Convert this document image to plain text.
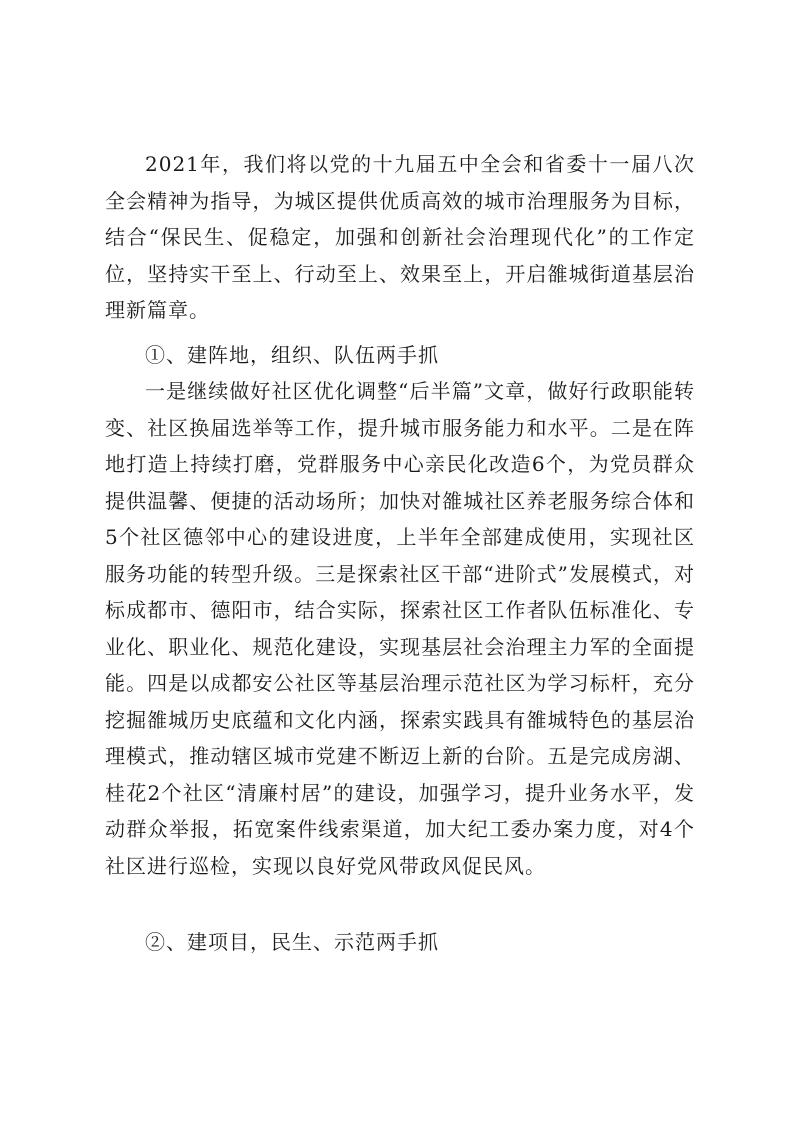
2021年，我们将以党的十九届五中全会和省委十一届八次全会精神为指导，为城区提供优质高效的城市治理服务为目标，结合“保民生、促稳定，加强和创新社会治理现代化”的工作定位，坚持实干至上、行动至上、效果至上，开启雒城街道基层治理新篇章。

①、建阵地，组织、队伍两手抓

一是继续做好社区优化调整“后半篇”文章，做好行政职能转变、社区换届选举等工作，提升城市服务能力和水平。二是在阵地打造上持续打磨，党群服务中心亲民化改造6个，为党员群众提供温馨、便捷的活动场所；加快对雒城社区养老服务综合体和5个社区德邻中心的建设进度，上半年全部建成使用，实现社区服务功能的转型升级。三是探索社区干部“进阶式”发展模式，对标成都市、德阳市，结合实际，探索社区工作者队伍标准化、专业化、职业化、规范化建设，实现基层社会治理主力军的全面提能。四是以成都安公社区等基层治理示范社区为学习标杆，充分挖掘雒城历史底蕴和文化内涵，探索实践具有雒城特色的基层治理模式，推动辖区城市党建不断迈上新的台阶。五是完成房湖、桂花2个社区“清廉村居”的建设，加强学习，提升业务水平，发动群众举报，拓宽案件线索渠道，加大纪工委办案力度，对4个社区进行巡检，实现以良好党风带政风促民风。

②、建项目，民生、示范两手抓
